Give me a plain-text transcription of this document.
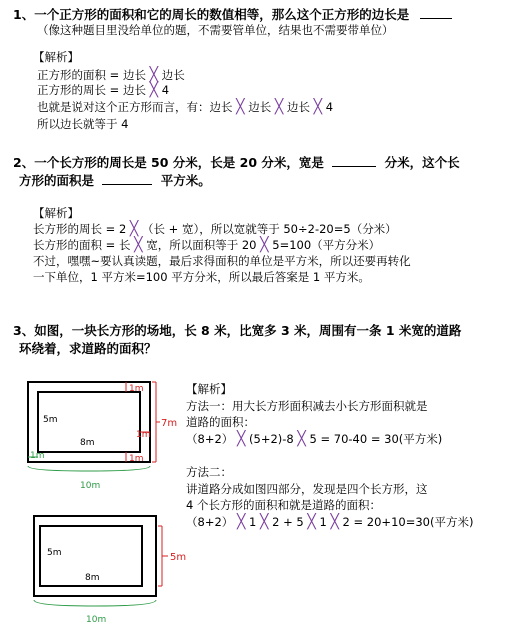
1、一个正方形的面积和它的周长的数值相等，那么这个正方形的边长是
（像这种题目里没给单位的题，不需要管单位，结果也不需要带单位）
【解析】
正方形的面积 = 边长 ╳ 边长
正方形的周长 = 边长 ╳ 4
也就是说对这个正方形而言，有：边长 ╳ 边长 ╳ 边长 ╳ 4
所以边长就等于 4
2、一个长方形的周长是 50 分米，长是 20 分米，宽是	分米，这个长
方形的面积是	平方米。
【解析】
长方形的周长 = 2 ╳ （长 + 宽），所以宽就等于 50÷2-20=5（分米）
长方形的面积 = 长 ╳ 宽，所以面积等于 20 ╳ 5=100（平方分米）
不过，嘿嘿~要认真读题，最后求得面积的单位是平方米，所以还要再转化
一下单位，1 平方米=100 平方分米，所以最后答案是 1 平方米。
3、如图，一块长方形的场地，长 8 米，比宽多 3 米，周围有一条 1 米宽的道路
环绕着，求道路的面积？
【解析】
方法一：用大长方形面积减去小长方形面积就是
道路的面积：
（8+2） ╳ (5+2)-8 ╳ 5 = 70-40 = 30(平方米)
方法二：
讲道路分成如图四部分，发现是四个长方形，这
4 个长方形的面积和就是道路的面积：
（8+2） ╳ 1 ╳ 2 + 5 ╳ 1 ╳ 2 = 20+10=30(平方米)
5m
8m
1m
1m
1m
1m
7m
10m
5m
8m
5m
10m
